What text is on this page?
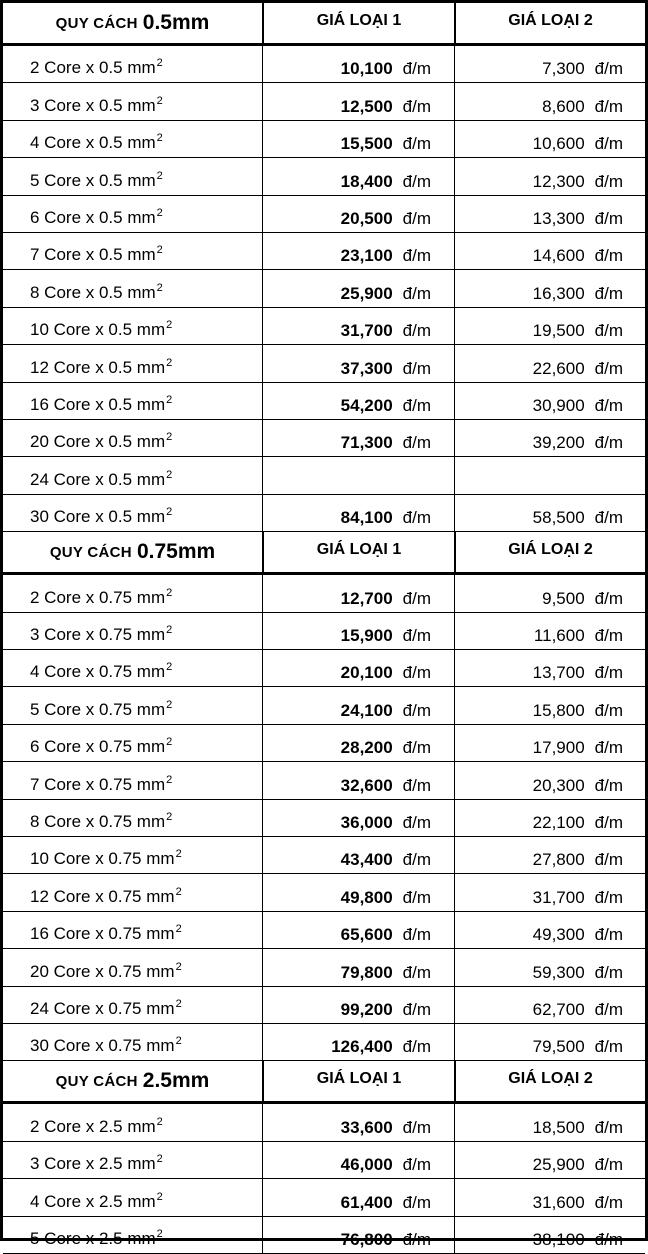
QUY CÁCH 0.5mm	GIÁ LOẠI 1	GIÁ LOẠI 2
2 Core x 0.5 $mm^2$	10,100 đ/m	7,300 đ/m
3 Core x 0.5 $mm^2$	12,500 đ/m	8,600 đ/m
4 Core x 0.5 $mm^2$	15,500 đ/m	10,600 đ/m
5 Core x 0.5 $mm^2$	18,400 đ/m	12,300 đ/m
6 Core x 0.5 $mm^2$	20,500 đ/m	13,300 đ/m
7 Core x 0.5 $mm^2$	23,100 đ/m	14,600 đ/m
8 Core x 0.5 $mm^2$	25,900 đ/m	16,300 đ/m
10 Core x 0.5 $mm^2$	31,700 đ/m	19,500 đ/m
12 Core x 0.5 $mm^2$	37,300 đ/m	22,600 đ/m
16 Core x 0.5 $mm^2$	54,200 đ/m	30,900 đ/m
20 Core x 0.5 $mm^2$	71,300 đ/m	39,200 đ/m
24 Core x 0.5 $mm^2$
30 Core x 0.5 $mm^2$	84,100 đ/m	58,500 đ/m
QUY CÁCH 0.75mm	GIÁ LOẠI 1	GIÁ LOẠI 2
2 Core x 0.75 $mm^2$	12,700 đ/m	9,500 đ/m
3 Core x 0.75 $mm^2$	15,900 đ/m	11,600 đ/m
4 Core x 0.75 $mm^2$	20,100 đ/m	13,700 đ/m
5 Core x 0.75 $mm^2$	24,100 đ/m	15,800 đ/m
6 Core x 0.75 $mm^2$	28,200 đ/m	17,900 đ/m
7 Core x 0.75 $mm^2$	32,600 đ/m	20,300 đ/m
8 Core x 0.75 $mm^2$	36,000 đ/m	22,100 đ/m
10 Core x 0.75 $mm^2$	43,400 đ/m	27,800 đ/m
12 Core x 0.75 $mm^2$	49,800 đ/m	31,700 đ/m
16 Core x 0.75 $mm^2$	65,600 đ/m	49,300 đ/m
20 Core x 0.75 $mm^2$	79,800 đ/m	59,300 đ/m
24 Core x 0.75 $mm^2$	99,200 đ/m	62,700 đ/m
30 Core x 0.75 $mm^2$	126,400 đ/m	79,500 đ/m
QUY CÁCH 2.5mm	GIÁ LOẠI 1	GIÁ LOẠI 2
2 Core x 2.5 $mm^2$	33,600 đ/m	18,500 đ/m
3 Core x 2.5 $mm^2$	46,000 đ/m	25,900 đ/m
4 Core x 2.5 $mm^2$	61,400 đ/m	31,600 đ/m
5 Core x 2.5 $mm^2$	76,800 đ/m	38,100 đ/m
